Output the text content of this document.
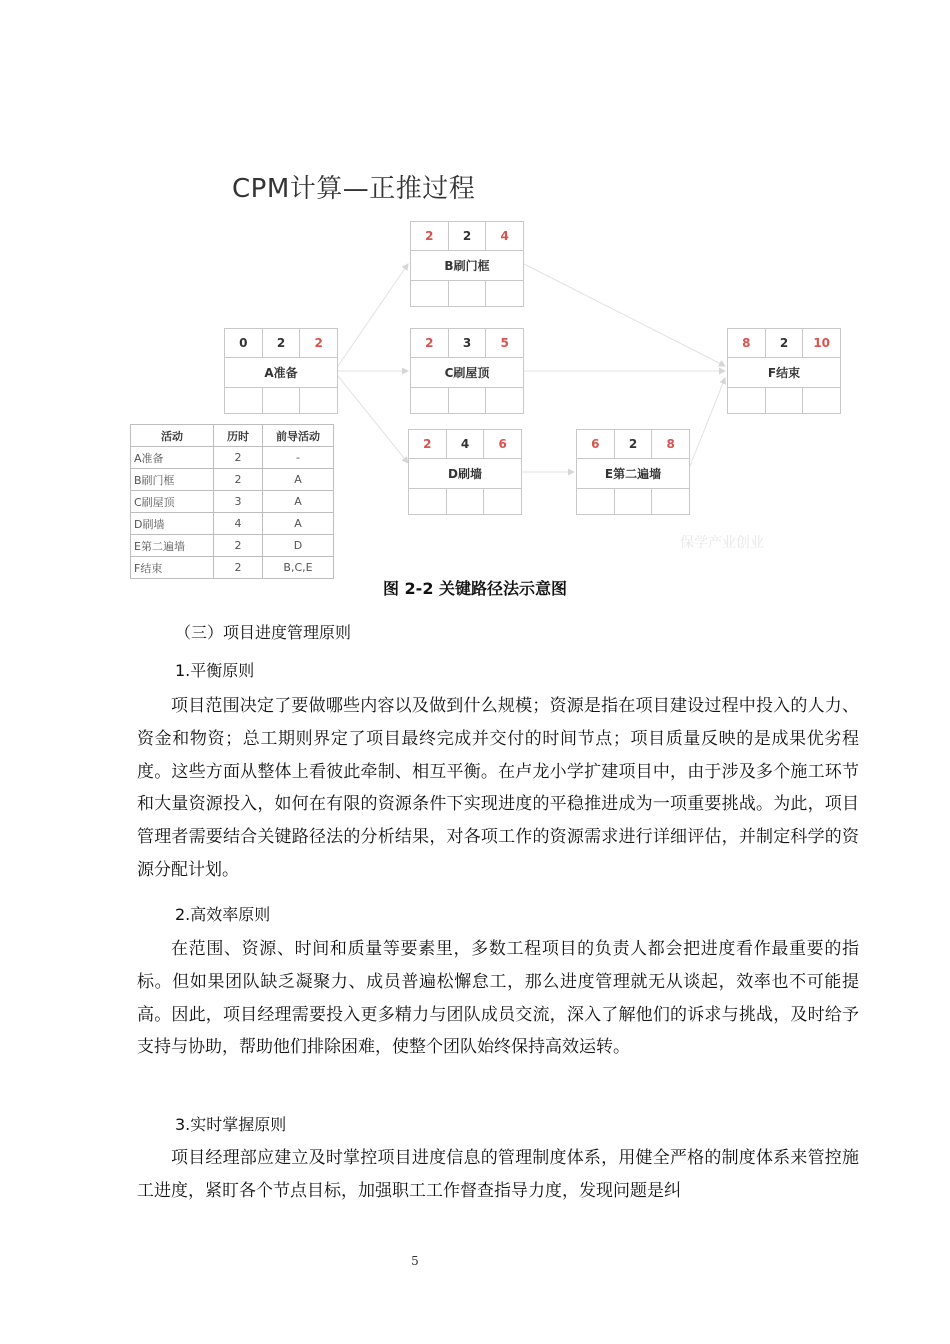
CPM计算—正推过程
0	2	2
A准备
2	2	4
B刷门框
2	3	5
C刷屋顶
2	4	6
D刷墙
6	2	8
E第二遍墙
8	2	10
F结束
活动	历时	前导活动
A准备	2	-
B刷门框	2	A
C刷屋顶	3	A
D刷墙	4	A
E第二遍墙	2	D
F结束	2	B,C,E
保学产业创业
图 2-2 关键路径法示意图
（三）项目进度管理原则
1.平衡原则
项目范围决定了要做哪些内容以及做到什么规模；资源是指在项目建设过程中投入的人力、资金和物资；总工期则界定了项目最终完成并交付的时间节点；项目质量反映的是成果优劣程度。这些方面从整体上看彼此牵制、相互平衡。在卢龙小学扩建项目中，由于涉及多个施工环节和大量资源投入，如何在有限的资源条件下实现进度的平稳推进成为一项重要挑战。为此，项目管理者需要结合关键路径法的分析结果，对各项工作的资源需求进行详细评估，并制定科学的资源分配计划。
2.高效率原则
在范围、资源、时间和质量等要素里，多数工程项目的负责人都会把进度看作最重要的指标。但如果团队缺乏凝聚力、成员普遍松懈怠工，那么进度管理就无从谈起，效率也不可能提高。因此，项目经理需要投入更多精力与团队成员交流，深入了解他们的诉求与挑战，及时给予支持与协助，帮助他们排除困难，使整个团队始终保持高效运转。
3.实时掌握原则
项目经理部应建立及时掌控项目进度信息的管理制度体系，用健全严格的制度体系来管控施工进度，紧盯各个节点目标，加强职工工作督查指导力度，发现问题是纠
5
